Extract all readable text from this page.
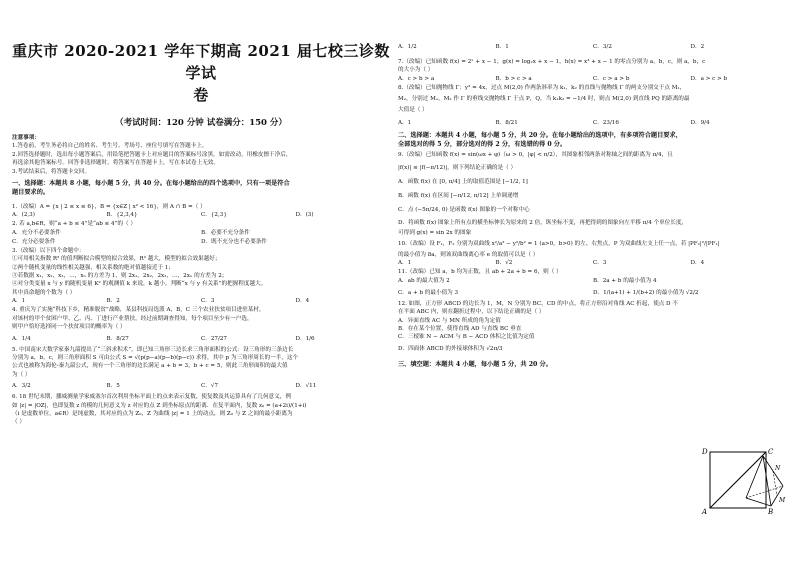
重庆市 2020-2021 学年下期高 2021 届七校三诊数学试
卷
（考试时间：120 分钟 试卷满分：150 分）
注意事项：
1.答卷前，考生务必将自己的姓名、考生号、考场号、座位号填写在答题卡上。
2.回答选择题时，选出每小题答案后，用铅笔把答题卡上对应题目的答案标号涂黑。如需改动，用橡皮擦干净后，
再选涂其他答案标号。回答非选择题时，将答案写在答题卡上，写在本试卷上无效。
3.考试结束后，将答题卡交回。
一、选择题：本题共 8 小题，每小题 5 分，共 40 分。在每小题给出的四个选项中，只有一项是符合
题目要求的。
1.（改编）A = {x | 2 ≤ x ≤ 6}，B = {x∈Z | x² < 16}，则 A ∩ B =（ ）
A．(2,3)	B．{2,3,4}	C．{2,3}	D．(3)
2. 若 a,b∈R，则“a + b ≤ 4”是“ab ≤ 4”的（ ）
A．充分不必要条件	B．必要不充分条件
C．充分必要条件	D．既不充分也不必要条件
3.（改编）以下四个命题中：
①可用相关指数 R² 的值判断拟合模型的拟合效果，R² 越大，模型的拟合效果越好；
②两个随机变量的线性相关越强，相关系数的绝对值越接近于 1；
③若数据 x₁，x₂，x₃，…，xₙ 的方差为 1，则 2x₁，2x₂，2x₃，…，2xₙ 的方差为 2；
④对分类变量 x 与 y 的随机变量 K² 的观测值 k 来说，k 越小，判断“x 与 y 有关系”的把握程度越大。
其中真命题的个数为（ ）
A．1	B．2	C．3	D．4
4. 重庆为了实施“科技下乡，精准脱贫”战略，某县科技局选派 A，B，C 三个农业扶贫项目进驻某村，
对该村的甲个贫困户甲、乙、丙、丁进行产业帮扶，经过前期调查得知，每个项目至少有一户选，
则甲户恰好选择同一个扶贫项目的概率为（ ）
A．1/4	B．8/27	C．27/27	D．1/6
5. 中国南宋大数学家秦九韶提出了“三斜求积术”，即已知三角形三边长求三角形面积的公式：设三角形的三条边长
分别为 a，b，c，则三角形面积 S 可由公式 S = √(p(p−a)(p−b)(p−c)) 求得，其中 p 为三角形周长的一半，这个
公式也被称为海伦-秦九韶公式，现有一个三角形的边长满足 a + b = 3，b + c = 5，则此三角形面积的最大值
为（ ）
A．3/2	B．5	C．√7	D．√11
6. 18 世纪末期，挪威测量学家威塞尔首次利用坐标平面上的点来表示复数，使复数及其运算具有了几何意义，例
如 |z| = |OZ|，也即复数 z 的模的几何意义为 z 对应的点 Z 到坐标原点的距离．在复平面内，复数 z₀ = (a+2i)/(1+i)
（i 是虚数单位，a∈R）是纯虚数，其对应的点为 Z₀，Z 为曲线 |z| = 1 上的动点，则 Z₀ 与 Z 之间的最小距离为
（ ）
A．1/2	B．1	C．3/2	D．2
7.（改编）已知函数 f(x) = 2ˣ + x − 1，g(x) = log₂x + x − 1，h(x) = x³ + x − 1 的零点分别为 a，b，c，则 a，b，c
的大小为（ ）
A．c > b > a	B．b > c > a	C．c > a > b	D．a > c > b
8.（改编）已知抛物线 Γ：y² = 4x，过点 M(2,0) 作两条斜率为 k₁，k₂ 的直线与抛物线 Γ 的两支分别交于点 M₁，
M₂，分别过 M₁，M₂ 作 Γ 的垂线交抛物线 Γ 于点 P，Q，当 k₁k₂ = −1/4 时，则点 M(2,0) 到直线 PQ 的距离的最
大值是（ ）
A．1	B．8/21	C．23/16	D．9/4
二、选择题：本题共 4 小题，每小题 5 分，共 20 分。在每小题给出的选项中，有多项符合题目要求，
全部选对的得 5 分，部分选对的得 2 分，有选错的得 0 分。
9.（改编）已知函数 f(x) = sin(ωx + φ)（ω > 0，|φ| < π/2），其图象相邻两条对称轴之间的距离为 π/4，且
|f(x)| ≤ |f(−π/12)|，则下列结论正确的是（ ）
A．函数 f(x) 在 [0, π/4] 上的取值范围是 [−1/2, 1]
B．函数 f(x) 在区间 [−π/12, π/12] 上单调递增
C．点 (−5π/24, 0) 是函数 f(x) 图象的一个对称中心
D．将函数 f(x) 图象上所有点的横坐标伸长为原来的 2 倍，纵坐标不变，再把得到的图象向左平移 π/4 个单位长度，
可得到 g(x) = sin 2x 的图象
10.（改编）设 F₁，F₂ 分别为双曲线 x²/a² − y²/b² = 1 (a>0，b>0) 的左、右焦点，P 为双曲线左支上任一点，若 |PF₂|²/|PF₁|
的最小值为 8a，则该双曲线离心率 e 的取值可以是（ ）
A．1	B．√2	C．3	D．4
11.（改编）已知 a，b 均为正数，且 ab + 2a + b = 6，则（ ）
A．ab 的最大值为 2	B．2a + b 的最小值为 4
C．a + b 的最小值为 3	D．1/(a+1) + 1/(b+2) 的最小值为 √2/2
12. 如图，正方形 ABCD 的边长为 1，M，N 分别为 BC，CD 的中点，将正方形沿对角线 AC 折起，使点 D 不
在平面 ABC 内，则在翻折过程中，以下结论正确的是（ ）
A．异面直线 AC 与 MN 所成的角为定值
B．存在某个位置，使得直线 AD 与直线 BC 垂直
C．三棱锥 N − ACM 与 B − ACD 体积之比值为定值
D．四面体 ABCD 的外接球体积为 √2π/3
三、填空题：本题共 4 小题，每小题 5 分，共 20 分。
D	C
A	B
N
M
